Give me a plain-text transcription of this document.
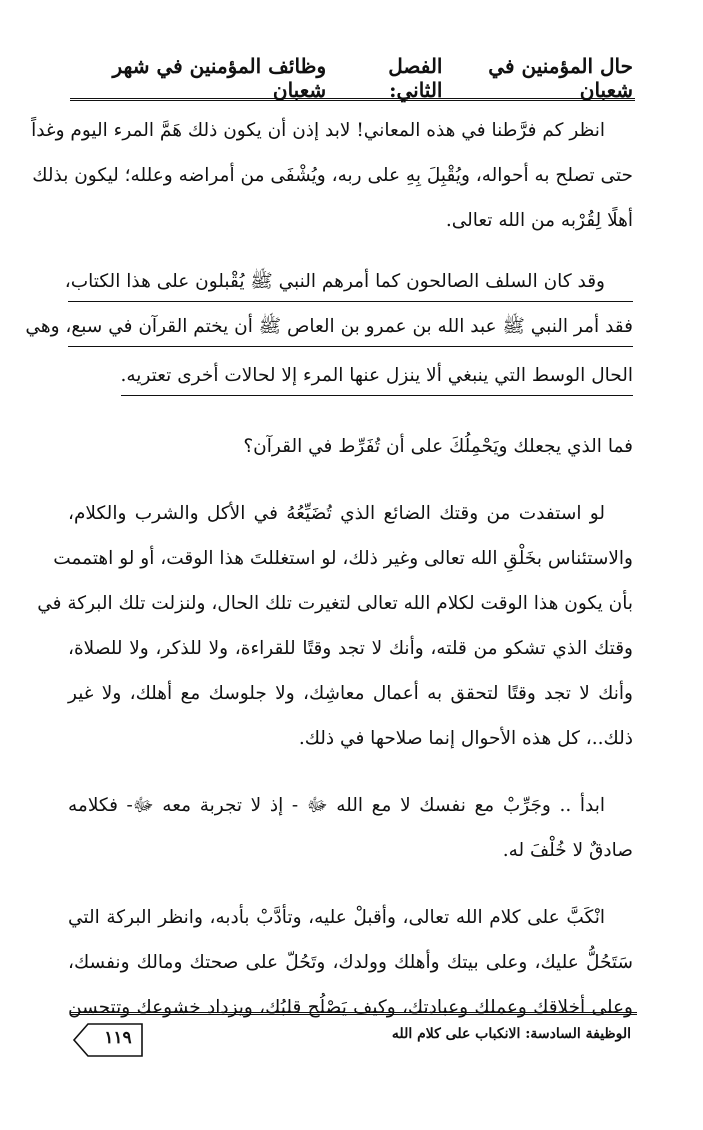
حال المؤمنين في شعبان
الفصل الثاني:
وظائف المؤمنين في شهر شعبان
انظر كم فرَّطنا في هذه المعاني! لابد إذن أن يكون ذلك هَمَّ المرء اليوم وغداً
حتى تصلح به أحواله، ويُقْبِلَ بِهِ على ربه، ويُشْفَى من أمراضه وعلله؛ ليكون بذلك
أهلًا لِقُرْبه من الله تعالى.
وقد كان السلف الصالحون كما أمرهم النبي ﷺ يُقْبلون على هذا الكتاب،
فقد أمر النبي ﷺ عبد الله بن عمرو بن العاص ﷺ أن يختم القرآن في سبع، وهي
الحال الوسط التي ينبغي ألا ينزل عنها المرء إلا لحالات أخرى تعتريه.
فما الذي يجعلك ويَحْمِلُكَ على أن تُفَرِّط في القرآن؟
لو استفدت من وقتك الضائع الذي تُضَيِّعُهُ في الأكل والشرب والكلام،
والاستئناس بخَلْقِ الله تعالى وغير ذلك، لو استغللتَ هذا الوقت، أو لو اهتممت
بأن يكون هذا الوقت لكلام الله تعالى لتغيرت تلك الحال، ولنزلت تلك البركة في
وقتك الذي تشكو من قلته، وأنك لا تجد وقتًا للقراءة، ولا للذكر، ولا للصلاة،
وأنك لا تجد وقتًا لتحقق به أعمال معاشِك، ولا جلوسك مع أهلك، ولا غير
ذلك..، كل هذه الأحوال إنما صلاحها في ذلك.
ابدأ .. وجَرِّبْ مع نفسك لا مع الله ﷻ - إذ لا تجربة معه ﷻ- فكلامه
صادقٌ لا خُلْفَ له.
انْكَبَّ على كلام الله تعالى، وأقبلْ عليه، وتأدَّبْ بأدبه، وانظر البركة التي
سَتَحُلُّ عليك، وعلى بيتك وأهلك وولدك، وتَحُلّ على صحتك ومالك ونفسك،
وعلى أخلاقك وعملك وعبادتك، وكيف يَصْلُح قلبُك، ويزداد خشوعك وتتحسن
الوظيفة السادسة: الانكباب على كلام الله
١١٩
